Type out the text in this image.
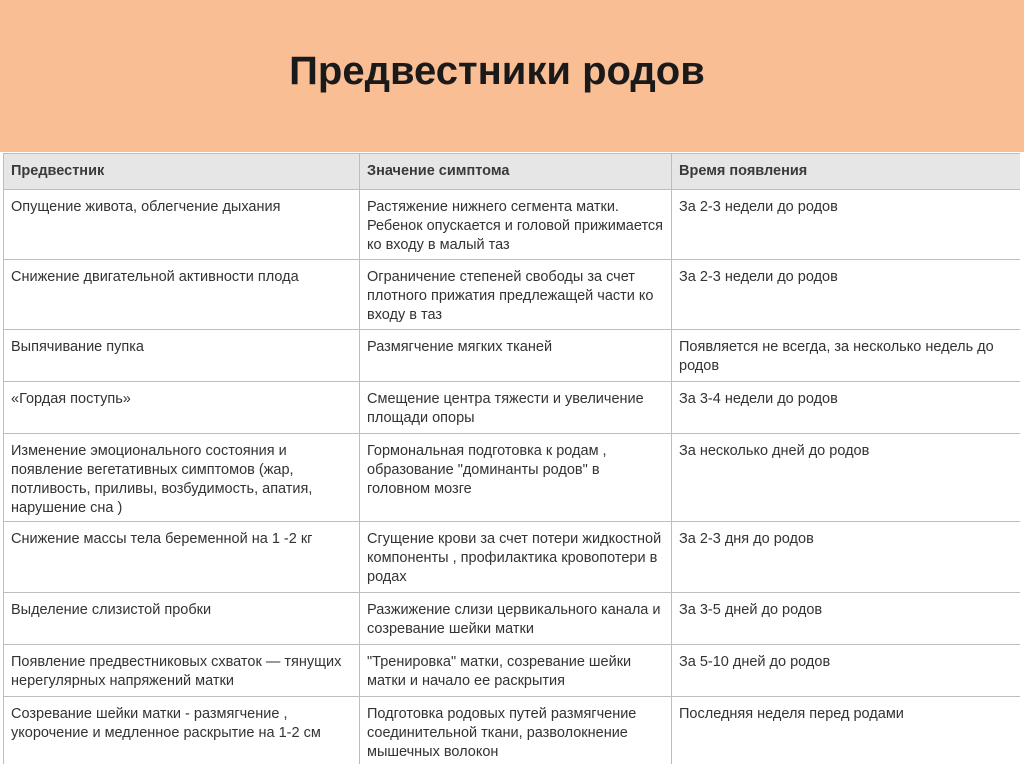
Предвестники родов
Предвестник	Значение симптома	Время появления
Опущение живота, облегчение дыхания	Растяжение нижнего сегмента матки. Ребенок опускается и головой прижимается ко входу в малый таз	За 2-3 недели до родов
Снижение двигательной активности плода	Ограничение степеней свободы за счет плотного прижатия предлежащей части ко входу в таз	За 2-3 недели до родов
Выпячивание пупка	Размягчение мягких тканей	Появляется не всегда, за несколько недель до родов
«Гордая поступь»	Смещение центра тяжести и увеличение площади опоры	За 3-4 недели до родов
Изменение эмоционального состояния и появление вегетативных симптомов (жар, потливость, приливы, возбудимость, апатия, нарушение сна )	Гормональная подготовка к родам , образование "доминанты родов" в головном мозге	За несколько дней до родов
Снижение массы тела беременной на 1 -2 кг	Сгущение крови за счет потери жидкостной компоненты , профилактика кровопотери в родах	За 2-3 дня до родов
Выделение слизистой пробки	Разжижение слизи цервикального канала и созревание шейки матки	За 3-5 дней до родов
Появление предвестниковых схваток — тянущих нерегулярных напряжений матки	"Тренировка" матки, созревание шейки матки и начало ее раскрытия	За 5-10 дней до родов
Созревание шейки матки - размягчение , укорочение и медленное раскрытие на 1-2 см	Подготовка родовых путей размягчение соединительной ткани, разволокнение мышечных волокон	Последняя неделя перед родами
